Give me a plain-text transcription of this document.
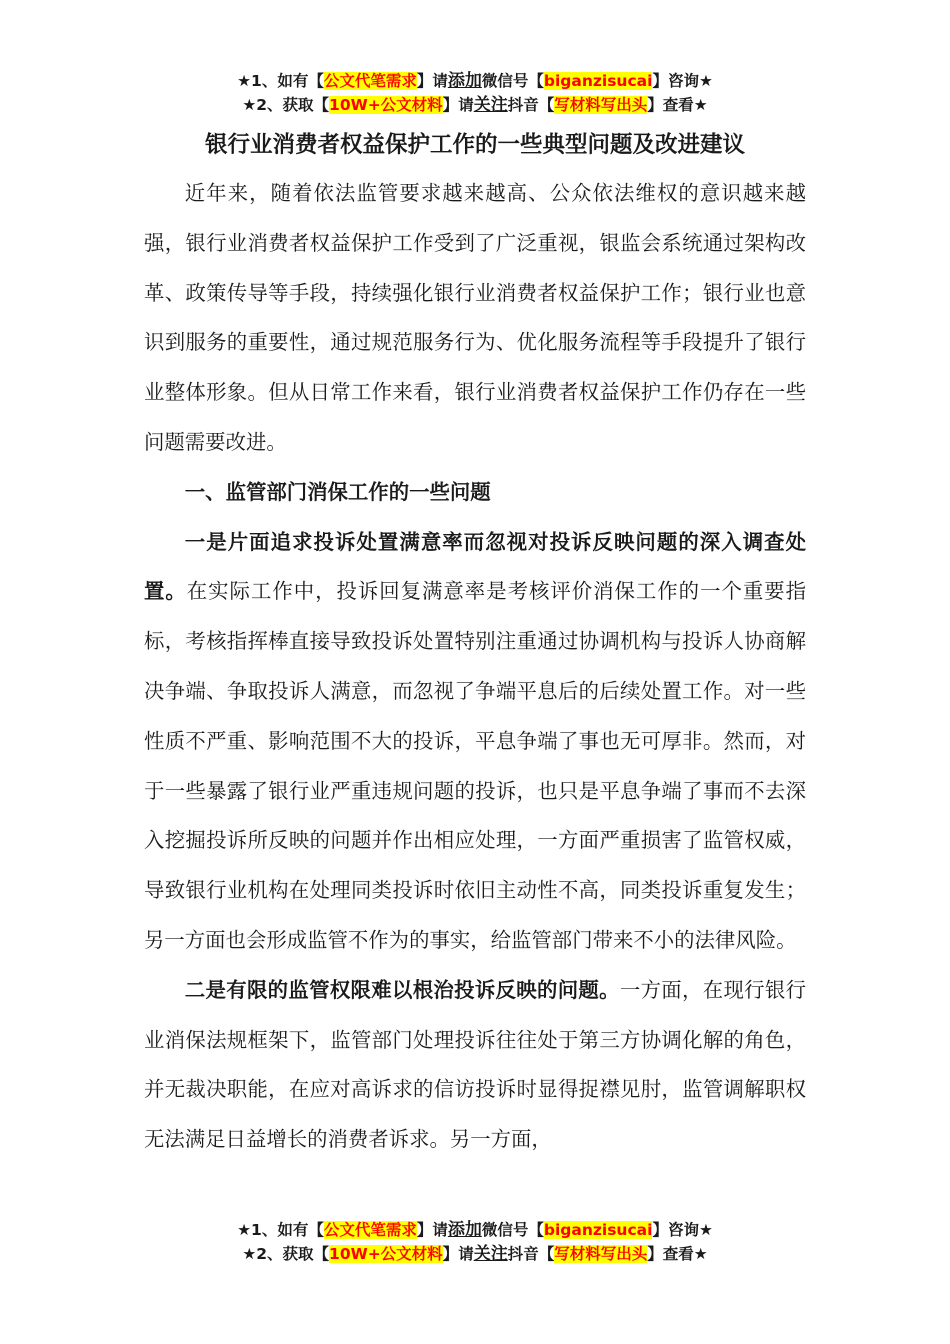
★1、如有【公文代笔需求】请添加微信号【biganzisucai】咨询★
★2、获取【10W+公文材料】请关注抖音【写材料写出头】查看★
银行业消费者权益保护工作的一些典型问题及改进建议

近年来，随着依法监管要求越来越高、公众依法维权的意识越来越强，银行业消费者权益保护工作受到了广泛重视，银监会系统通过架构改革、政策传导等手段，持续强化银行业消费者权益保护工作；银行业也意识到服务的重要性，通过规范服务行为、优化服务流程等手段提升了银行业整体形象。但从日常工作来看，银行业消费者权益保护工作仍存在一些问题需要改进。

一、监管部门消保工作的一些问题

一是片面追求投诉处置满意率而忽视对投诉反映问题的深入调查处置。在实际工作中，投诉回复满意率是考核评价消保工作的一个重要指标，考核指挥棒直接导致投诉处置特别注重通过协调机构与投诉人协商解决争端、争取投诉人满意，而忽视了争端平息后的后续处置工作。对一些性质不严重、影响范围不大的投诉，平息争端了事也无可厚非。然而，对于一些暴露了银行业严重违规问题的投诉，也只是平息争端了事而不去深入挖掘投诉所反映的问题并作出相应处理，一方面严重损害了监管权威，导致银行业机构在处理同类投诉时依旧主动性不高，同类投诉重复发生；另一方面也会形成监管不作为的事实，给监管部门带来不小的法律风险。

二是有限的监管权限难以根治投诉反映的问题。一方面，在现行银行业消保法规框架下，监管部门处理投诉往往处于第三方协调化解的角色，并无裁决职能，在应对高诉求的信访投诉时显得捉襟见肘，监管调解职权无法满足日益增长的消费者诉求。另一方面，

★1、如有【公文代笔需求】请添加微信号【biganzisucai】咨询★
★2、获取【10W+公文材料】请关注抖音【写材料写出头】查看★
